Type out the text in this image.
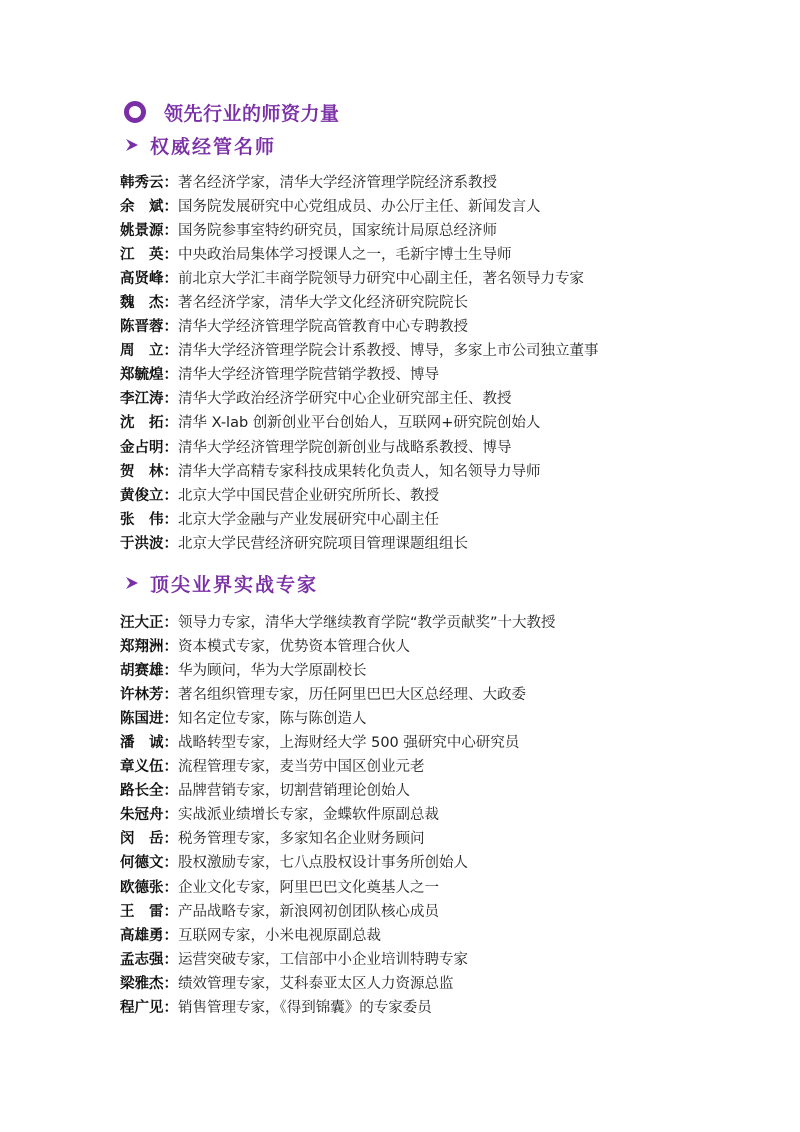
领先行业的师资力量
权威经管名师
韩秀云： 著名经济学家，清华大学经济管理学院经济系教授
余　斌： 国务院发展研究中心党组成员、办公厅主任、新闻发言人
姚景源： 国务院参事室特约研究员，国家统计局原总经济师
江　英： 中央政治局集体学习授课人之一，毛新宇博士生导师
高贤峰： 前北京大学汇丰商学院领导力研究中心副主任，著名领导力专家
魏　杰： 著名经济学家，清华大学文化经济研究院院长
陈晋蓉： 清华大学经济管理学院高管教育中心专聘教授
周　立： 清华大学经济管理学院会计系教授、博导，多家上市公司独立董事
郑毓煌： 清华大学经济管理学院营销学教授、博导
李江涛： 清华大学政治经济学研究中心企业研究部主任、教授
沈　拓： 清华 X-lab 创新创业平台创始人，互联网+研究院创始人
金占明： 清华大学经济管理学院创新创业与战略系教授、博导
贺　林： 清华大学高精专家科技成果转化负责人，知名领导力导师
黄俊立： 北京大学中国民营企业研究所所长、教授
张　伟： 北京大学金融与产业发展研究中心副主任
于洪波： 北京大学民营经济研究院项目管理课题组组长
顶尖业界实战专家
汪大正： 领导力专家，清华大学继续教育学院“教学贡献奖”十大教授
郑翔洲： 资本模式专家，优势资本管理合伙人
胡赛雄： 华为顾问，华为大学原副校长
许林芳： 著名组织管理专家，历任阿里巴巴大区总经理、大政委
陈国进： 知名定位专家，陈与陈创造人
潘　诚： 战略转型专家，上海财经大学 500 强研究中心研究员
章义伍： 流程管理专家，麦当劳中国区创业元老
路长全： 品牌营销专家，切割营销理论创始人
朱冠舟： 实战派业绩增长专家，金蝶软件原副总裁
闵　岳： 税务管理专家，多家知名企业财务顾问
何德文： 股权激励专家，七八点股权设计事务所创始人
欧德张： 企业文化专家，阿里巴巴文化奠基人之一
王　雷： 产品战略专家，新浪网初创团队核心成员
高雄勇： 互联网专家，小米电视原副总裁
孟志强： 运营突破专家，工信部中小企业培训特聘专家
梁雅杰： 绩效管理专家，艾科泰亚太区人力资源总监
程广见： 销售管理专家，《得到锦囊》的专家委员
